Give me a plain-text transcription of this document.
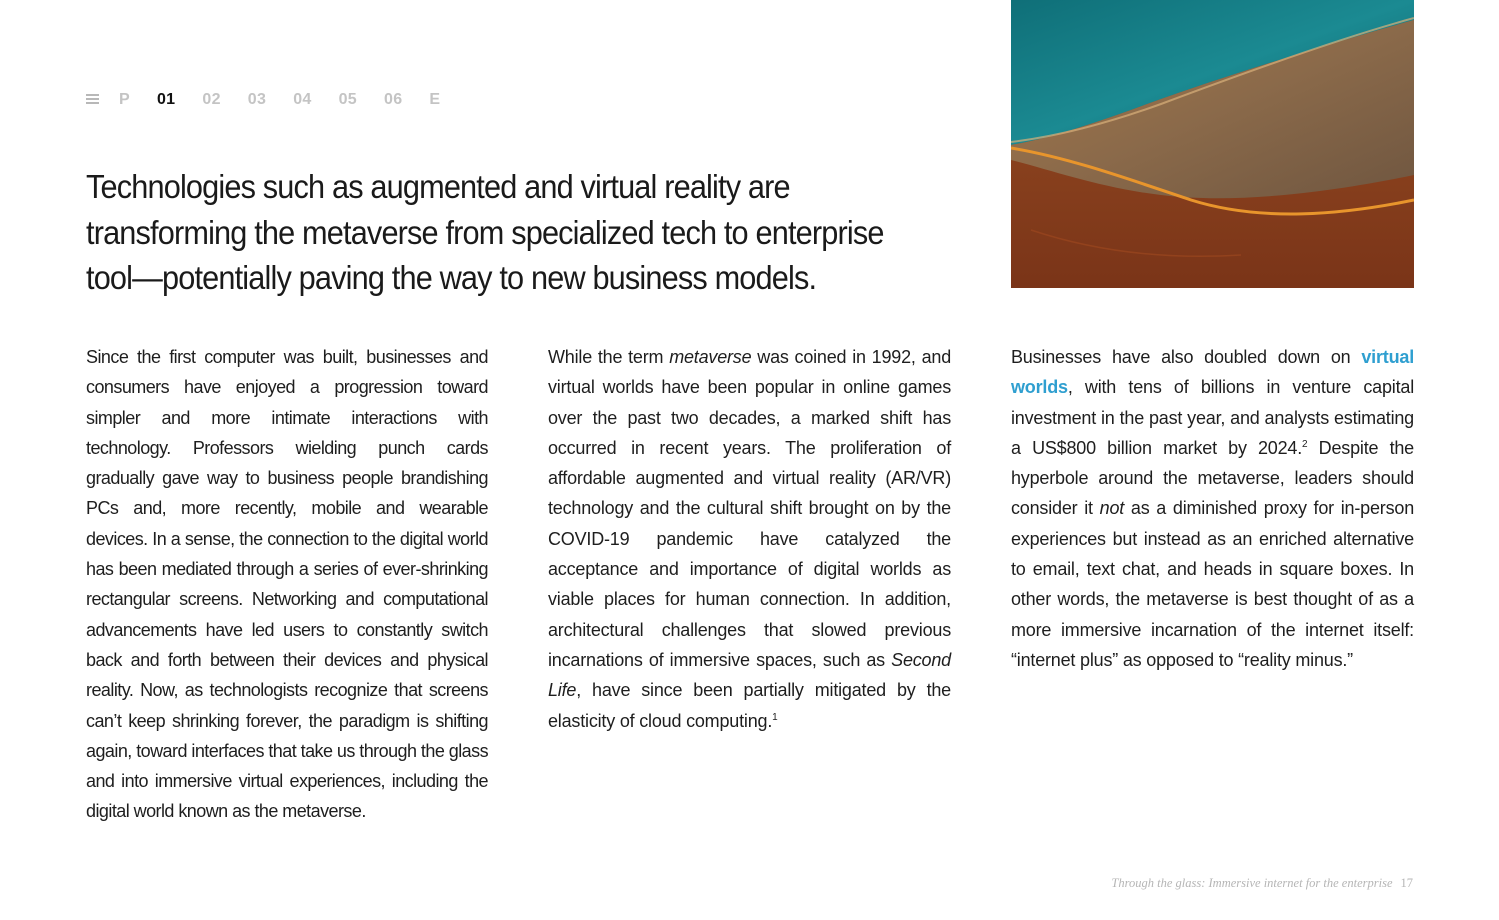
P 01 02 03 04 05 06 E
Technologies such as augmented and virtual reality are transforming the metaverse from specialized tech to enterprise tool—potentially paving the way to new business models.

Since the first computer was built, businesses and consumers have enjoyed a progression toward simpler and more intimate interactions with technology. Professors wielding punch cards gradually gave way to business people brandishing PCs and, more recently, mobile and wearable devices. In a sense, the connection to the digital world has been mediated through a series of ever-shrinking rectangular screens. Networking and computational advancements have led users to constantly switch back and forth between their devices and physical reality. Now, as technologists recognize that screens can’t keep shrinking forever, the paradigm is shifting again, toward interfaces that take us through the glass and into immersive virtual experiences, including the digital world known as the metaverse.

While the term metaverse was coined in 1992, and virtual worlds have been popular in online games over the past two decades, a marked shift has occurred in recent years. The proliferation of affordable augmented and virtual reality (AR/VR) technology and the cultural shift brought on by the COVID-19 pandemic have catalyzed the acceptance and importance of digital worlds as viable places for human connection. In addition, architectural challenges that slowed previous incarnations of immersive spaces, such as Second Life, have since been partially mitigated by the elasticity of cloud computing.$^1$

Businesses have also doubled down on virtual worlds, with tens of billions in venture capital investment in the past year, and analysts estimating a US$800 billion market by 2024.$^2$ Despite the hyperbole around the metaverse, leaders should consider it not as a diminished proxy for in-person experiences but instead as an enriched alternative to email, text chat, and heads in square boxes. In other words, the metaverse is best thought of as a more immersive incarnation of the internet itself: “internet plus” as opposed to “reality minus.”

Through the glass: Immersive internet for the enterprise 17
